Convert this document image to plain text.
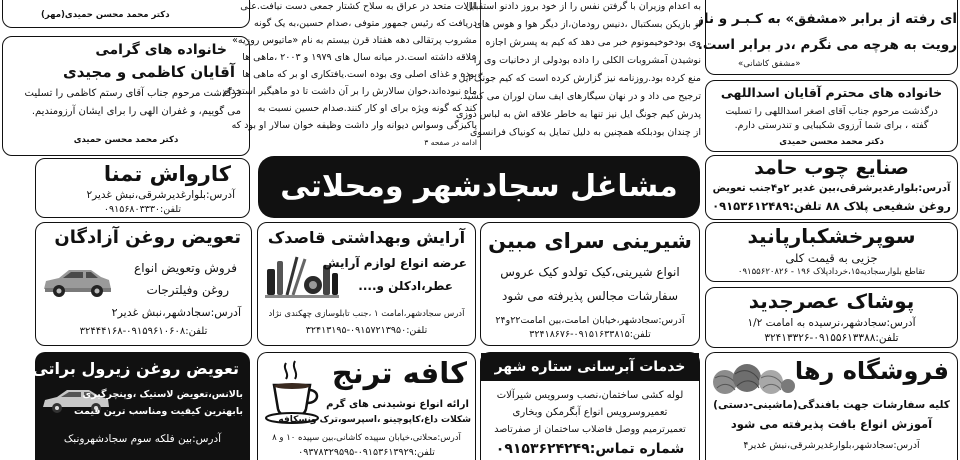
دکتر محمد محسن حمیدی(مهر)
خانواده های گرامی
آقایان کاظمی و مجیدی
درگذشت مرحوم جناب آقای رستم کاظمی را تسلیت
می گوییم، و غفران الهی را برای ایشان آرزومندیم.
دکتر محمد محسن حمیدی
ایالات متحد در عراق به سلاح کشتار جمعی دست نیافت.علی
دریافت که رئیس جمهور متوفی ،صدام حسین،به یک گونه
مشروب پرتقالی دهه هفتاد قرن بیستم به نام «ماتیوس روزیه»
علاقه داشته است.در میانه سال های ۱۹۷۹ و ۲۰۰۳ ،ماهی ها
بوده و غذای اصلی وی بوده است.یافتکاری او بر که ماهی ها
ماه نبوده‌اند،خوان سالارش را بر آن داشت تا دو ماهیگیر استخدام
کند که گونه ویژه برای او کار کنند.صدام حسین نسبت به
پاکیزگی وسواس دیوانه وار داشت وظیفه خوان سالار او بود که
ادامه در صفحه ۳
به اعدام وزیران با گرفتن نفس را از خود بروز دادنو استقبال
از بازیکن بسکتبال ،دنیس رودمان،از دیگر هوا و هوس های
وی بودخوخیمونوم خبر می دهد که کیم به پسرش اجازه
نوشیدن آمشروبات الکلی را داده بودولی از دخانیات وی را
منع کرده بود.روزنامه نیز گزارش کرده است که کیم جونگ ایل
ترجیح می داد و در نهان سیگارهای ایف سان لوران می کشید.
پدرش کیم جونگ ایل نیز تنها به خاطر علاقه اش به لباس دوزی
از چندان بودبلکه همچنین به دلیل تمایل به کونیاک فرانسوی
ای رفته از برابر «مشفق» به کـبـر و ناز
رویت به هرچه می نگرم ،در برابر است.
«مشفق کاشانی»
خانواده های محترم آقایان اسداللهی
درگذشت مرحوم جناب آقای اصغر اسداللهی را تسلیت
گفته ، برای شما آرزوی شکیبایی و تندرستی دارم.
دکتر محمد محسن حمیدی
کارواش تمنا
آدرس:بلوارغدیرشرقی،نبش غدیر۲
تلفن:۰۹۱۵۶۸۰۳۳۳۰
مشاغل سجادشهر ومحلاتی
صنایع چوب حامد
آدرس:بلوارغدیرشرقی،بین غدیر ۲و۴جنب تعویض
روغن شفیعی پلاک ۸۸ تلفن:۰۹۱۵۳۶۱۲۴۸۹
تعویض روغن آزادگان
فروش وتعویض انواع
روغن وفیلترجات
آدرس:سجادشهر،نبش غدیر۲
تلفن:۰۹۱۵۹۶۱۰۶۰۸-۳۲۴۴۴۱۶۸
آرایش وبهداشتی قاصدک
عرضه انواع لوازم آرایش
عطر،ادکلن و....
آدرس سجادشهر،امامت ۱ ،جنب تابلوسازی چهکندی نژاد
تلفن:۰۹۱۵۷۲۱۳۹۵۰-۳۲۴۱۳۱۹۵
شیرینی سرای مبین
انواع شیرینی،کیک تولدو کیک عروس
سفارشات مجالس پذیرفته می شود
آدرس:سجادشهر،خیابان امامت،بین امامت۲۲و۲۴
تلفن:۰۹۱۵۱۶۳۳۸۱۵-۳۲۴۱۸۶۷۶
سوپرخشکبارپانید
جزیی به قیمت کلی
تقاطع بلوارسجادیه۱۵،خردادپلاک ۱۹۶ - ۰۹۱۵۵۶۲۰۸۲۶
پوشاک عصرجدید
آدرس:سجادشهر،نرسیده به امامت ۱/۲
تلفن:۰۹۱۵۵۶۱۳۳۸۸-۳۲۴۱۳۳۲۶
تعویض روغن زیرول براتی
بالانس،تعویض لاستیک ،وپنچرگیری
بابهترین کیفیت ومناسب ترین قیمت
آدرس:بین فلکه سوم سجادشهرونبک
کافه ترنج
ارائه انواع نوشیدنی های گرم
شکلات داغ،کاپوچینو ،اسپرسو،ترک ونسکافه
آدرس:محلاتی،خیابان سپیده کاشانی،بین سپیده ۱۰ و ۸
تلفن:۰۹۱۵۳۶۱۳۹۲۹-۰۹۳۷۸۳۲۹۵۹۵
خدمات آبرسانی ستاره شهر
لوله کشی ساختمان،نصب وسرویس شیرآلات
تعمیروسرویس انواع آبگرمکن وبخاری
تعمیرترمیم ووصل فاضلاب ساختمان از صفرتاصد
شماره تماس:۰۹۱۵۳۶۲۴۲۴۹
فروشگاه رها
کلیه سفارشات جهت بافندگی(ماشینی-دستی)
آموزش انواع بافت پذیرفته می شود
آدرس:سجادشهر،بلوارغدیرشرقی،نبش غدیر۴
